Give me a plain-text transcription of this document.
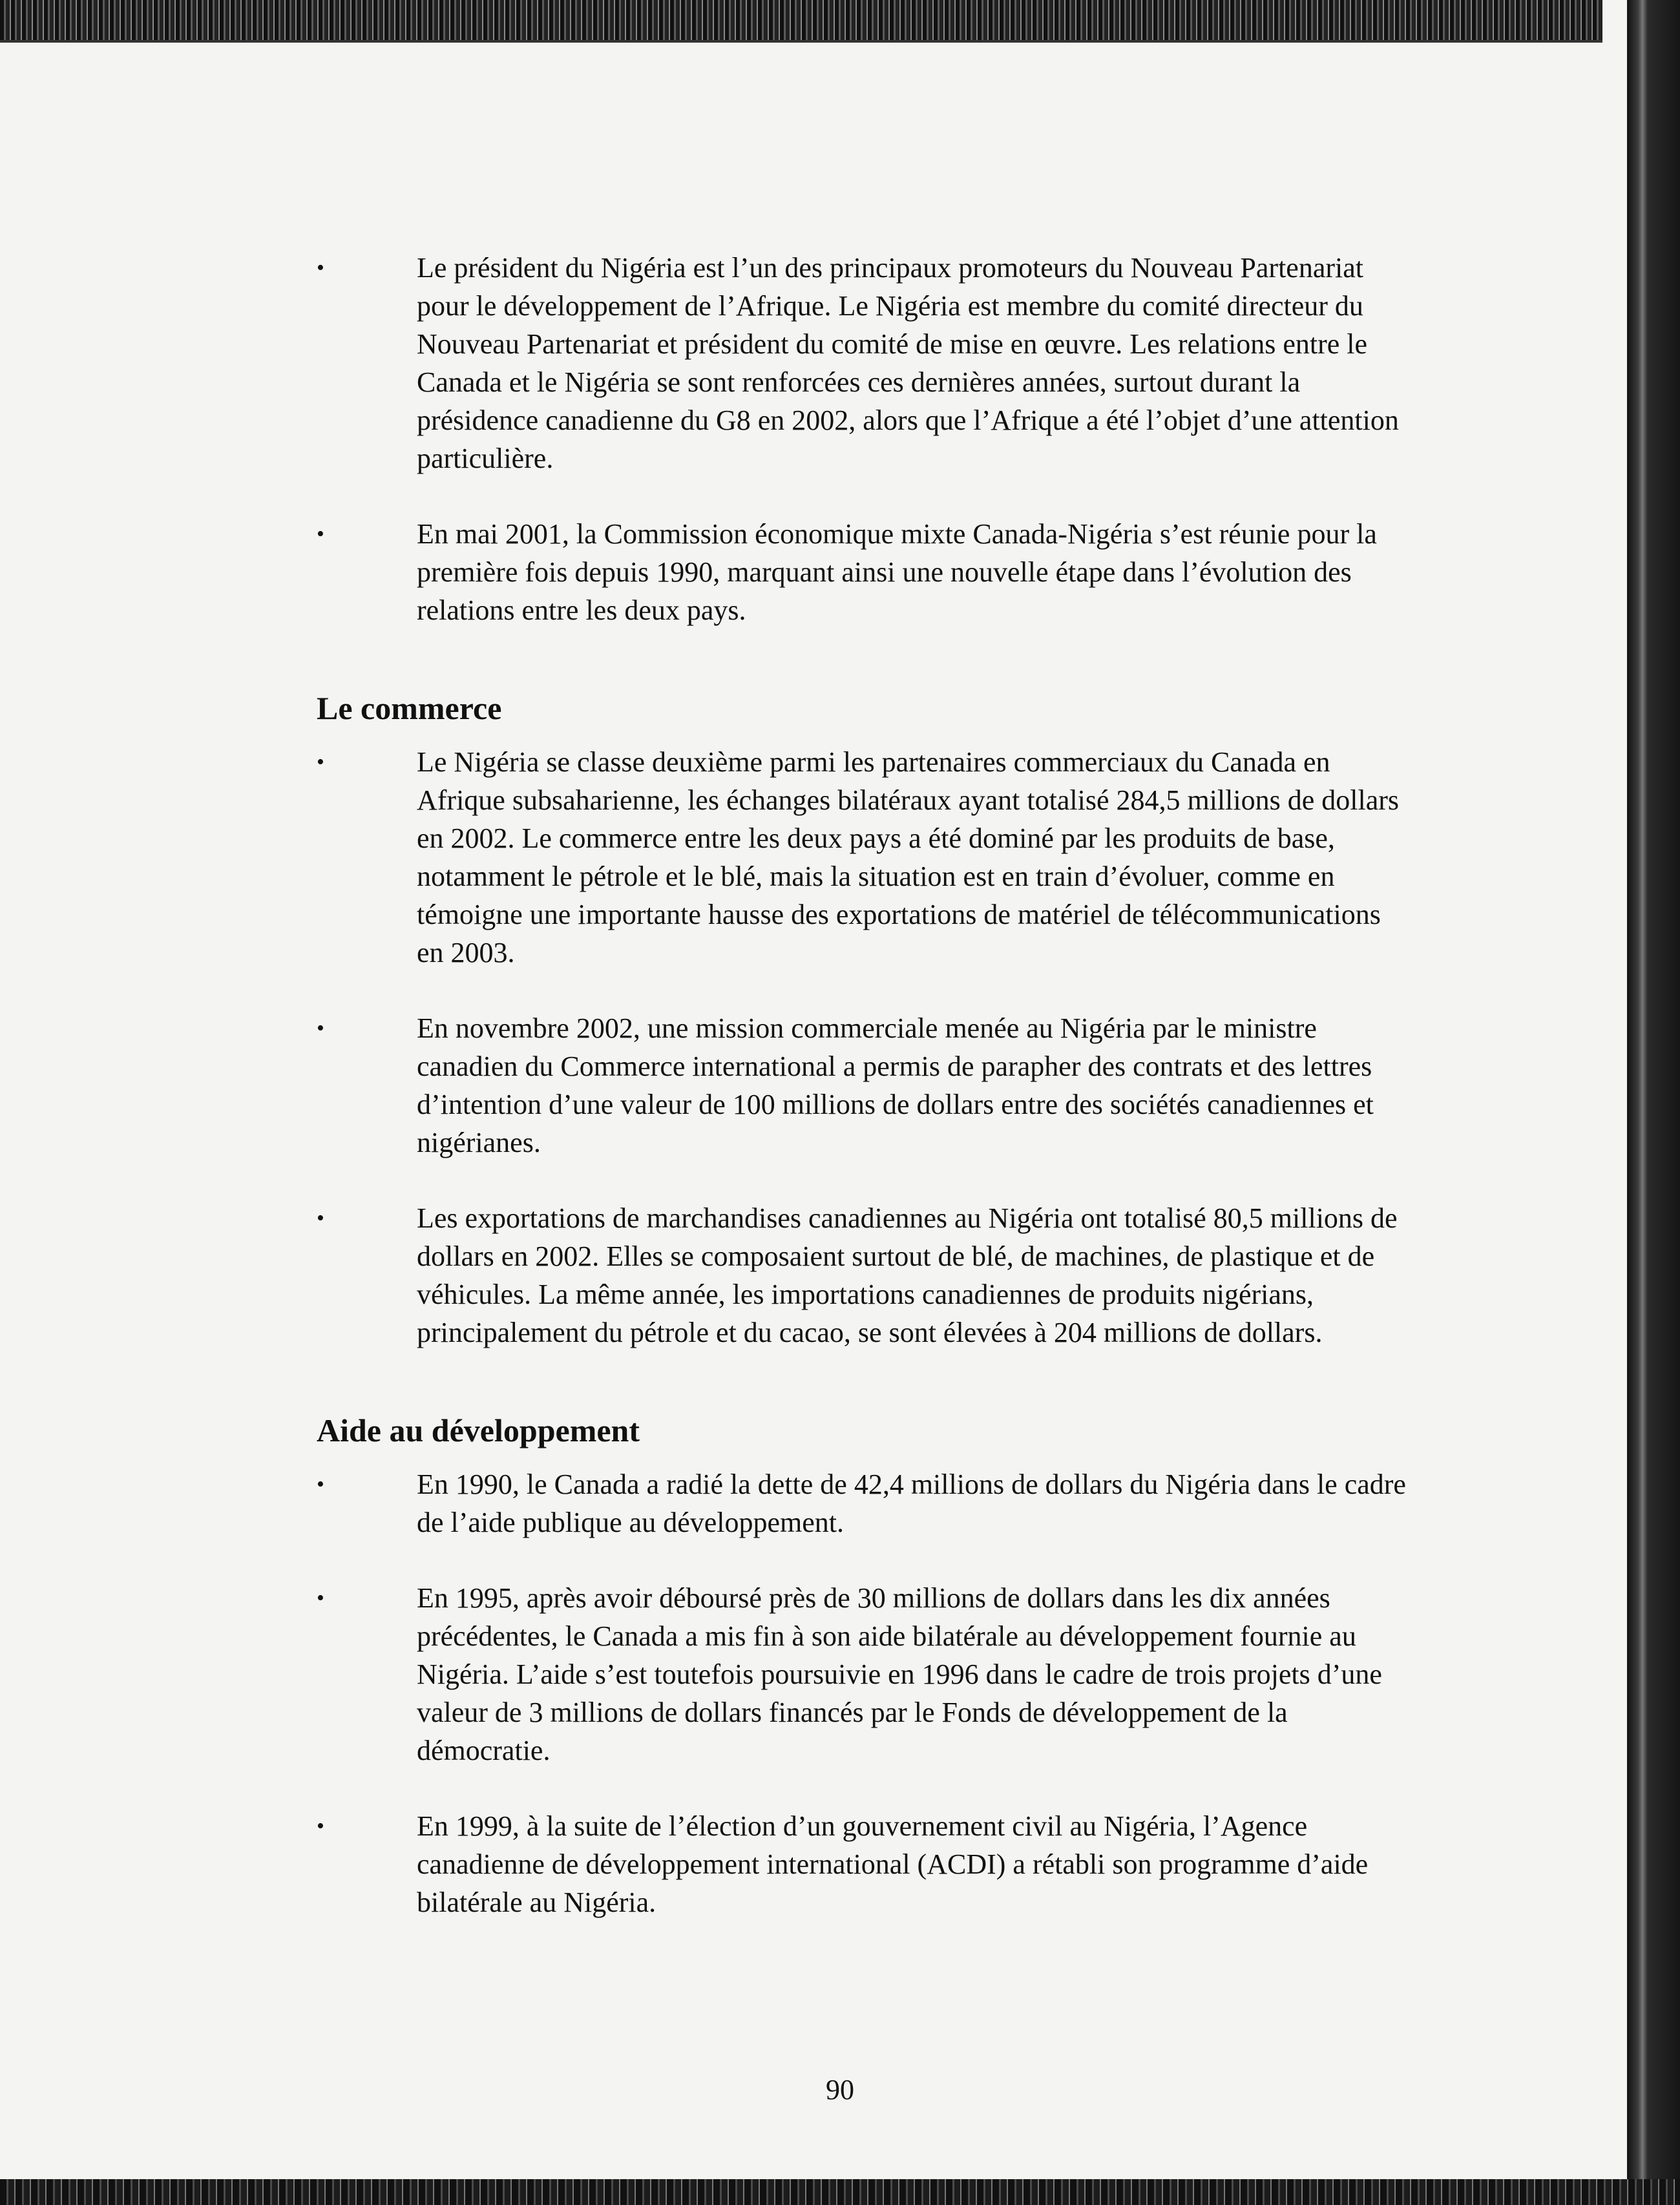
•	Le président du Nigéria est l’un des principaux promoteurs du Nouveau Partenariat pour le développement de l’Afrique. Le Nigéria est membre du comité directeur du Nouveau Partenariat et président du comité de mise en œuvre. Les relations entre le Canada et le Nigéria se sont renforcées ces dernières années, surtout durant la présidence canadienne du G8 en 2002, alors que l’Afrique a été l’objet d’une attention particulière.
•	En mai 2001, la Commission économique mixte Canada-Nigéria s’est réunie pour la première fois depuis 1990, marquant ainsi une nouvelle étape dans l’évolution des relations entre les deux pays.
Le commerce
•	Le Nigéria se classe deuxième parmi les partenaires commerciaux du Canada en Afrique subsaharienne, les échanges bilatéraux ayant totalisé 284,5 millions de dollars en 2002. Le commerce entre les deux pays a été dominé par les produits de base, notamment le pétrole et le blé, mais la situation est en train d’évoluer, comme en témoigne une importante hausse des exportations de matériel de télécommunications en 2003.
•	En novembre 2002, une mission commerciale menée au Nigéria par le ministre canadien du Commerce international a permis de parapher des contrats et des lettres d’intention d’une valeur de 100 millions de dollars entre des sociétés canadiennes et nigérianes.
•	Les exportations de marchandises canadiennes au Nigéria ont totalisé 80,5 millions de dollars en 2002. Elles se composaient surtout de blé, de machines, de plastique et de véhicules. La même année, les importations canadiennes de produits nigérians, principalement du pétrole et du cacao, se sont élevées à 204 millions de dollars.
Aide au développement
•	En 1990, le Canada a radié la dette de 42,4 millions de dollars du Nigéria dans le cadre de l’aide publique au développement.
•	En 1995, après avoir déboursé près de 30 millions de dollars dans les dix années précédentes, le Canada a mis fin à son aide bilatérale au développement fournie au Nigéria. L’aide s’est toutefois poursuivie en 1996 dans le cadre de trois projets d’une valeur de 3 millions de dollars financés par le Fonds de développement de la démocratie.
•	En 1999, à la suite de l’élection d’un gouvernement civil au Nigéria, l’Agence canadienne de développement international (ACDI) a rétabli son programme d’aide bilatérale au Nigéria.
90
